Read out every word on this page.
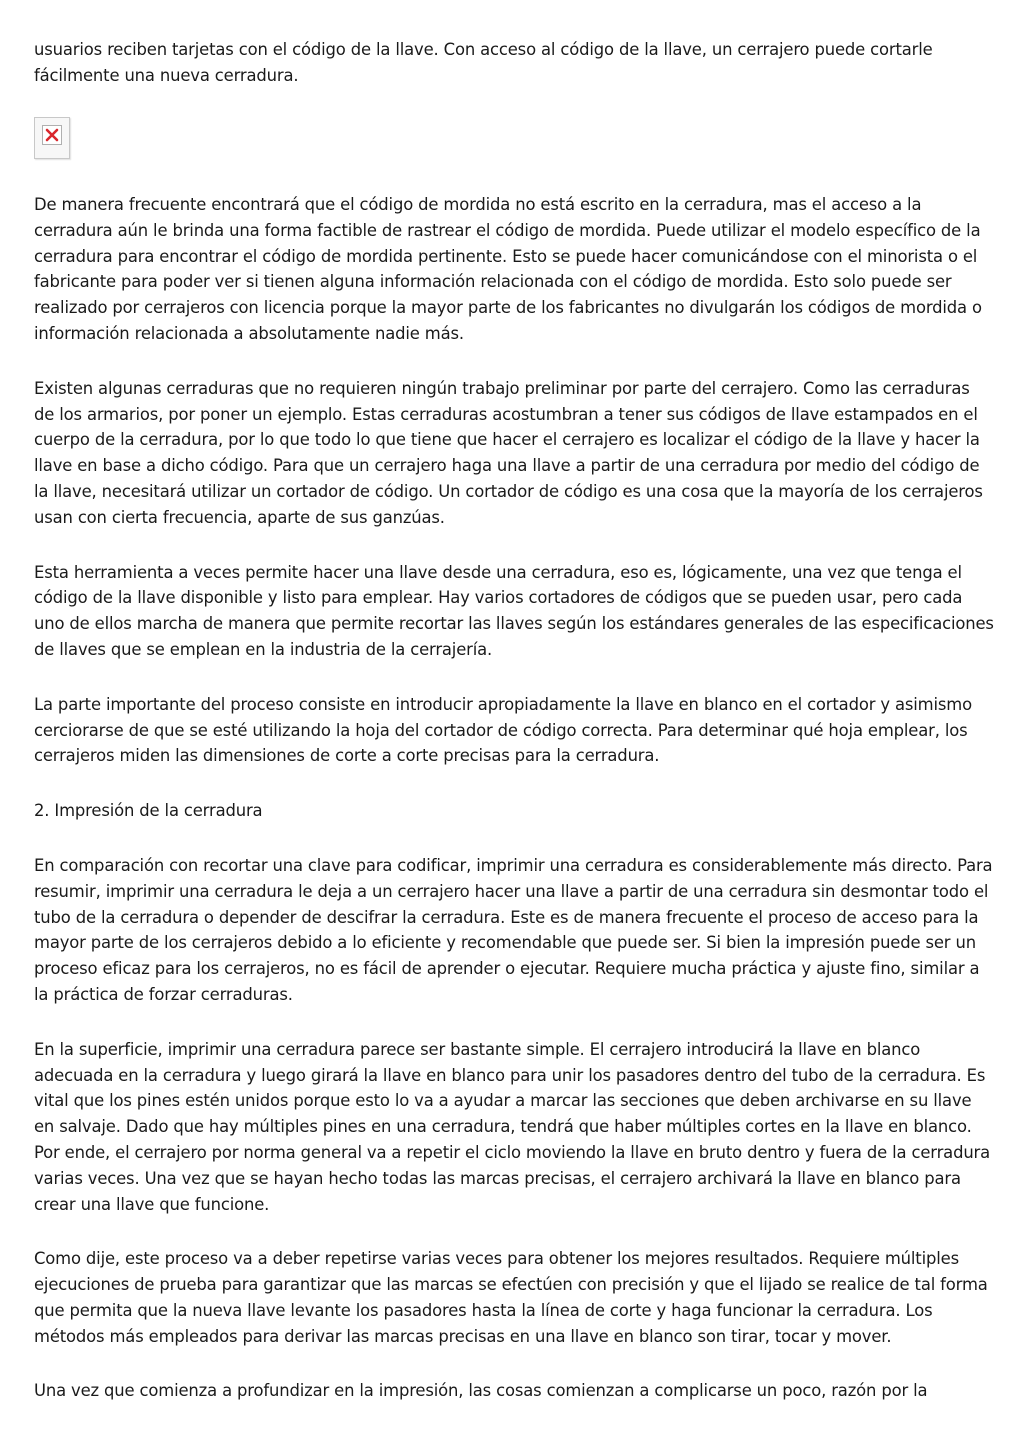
usuarios reciben tarjetas con el código de la llave. Con acceso al código de la llave, un cerrajero puede cortarle fácilmente una nueva cerradura.

De manera frecuente encontrará que el código de mordida no está escrito en la cerradura, mas el acceso a la cerradura aún le brinda una forma factible de rastrear el código de mordida. Puede utilizar el modelo específico de la cerradura para encontrar el código de mordida pertinente. Esto se puede hacer comunicándose con el minorista o el fabricante para poder ver si tienen alguna información relacionada con el código de mordida. Esto solo puede ser realizado por cerrajeros con licencia porque la mayor parte de los fabricantes no divulgarán los códigos de mordida o información relacionada a absolutamente nadie más.

Existen algunas cerraduras que no requieren ningún trabajo preliminar por parte del cerrajero. Como las cerraduras de los armarios, por poner un ejemplo. Estas cerraduras acostumbran a tener sus códigos de llave estampados en el cuerpo de la cerradura, por lo que todo lo que tiene que hacer el cerrajero es localizar el código de la llave y hacer la llave en base a dicho código. Para que un cerrajero haga una llave a partir de una cerradura por medio del código de la llave, necesitará utilizar un cortador de código. Un cortador de código es una cosa que la mayoría de los cerrajeros usan con cierta frecuencia, aparte de sus ganzúas.

Esta herramienta a veces permite hacer una llave desde una cerradura, eso es, lógicamente, una vez que tenga el código de la llave disponible y listo para emplear. Hay varios cortadores de códigos que se pueden usar, pero cada uno de ellos marcha de manera que permite recortar las llaves según los estándares generales de las especificaciones de llaves que se emplean en la industria de la cerrajería.

La parte importante del proceso consiste en introducir apropiadamente la llave en blanco en el cortador y asimismo cerciorarse de que se esté utilizando la hoja del cortador de código correcta. Para determinar qué hoja emplear, los cerrajeros miden las dimensiones de corte a corte precisas para la cerradura.

2. Impresión de la cerradura

En comparación con recortar una clave para codificar, imprimir una cerradura es considerablemente más directo. Para resumir, imprimir una cerradura le deja a un cerrajero hacer una llave a partir de una cerradura sin desmontar todo el tubo de la cerradura o depender de descifrar la cerradura. Este es de manera frecuente el proceso de acceso para la mayor parte de los cerrajeros debido a lo eficiente y recomendable que puede ser. Si bien la impresión puede ser un proceso eficaz para los cerrajeros, no es fácil de aprender o ejecutar. Requiere mucha práctica y ajuste fino, similar a la práctica de forzar cerraduras.

En la superficie, imprimir una cerradura parece ser bastante simple. El cerrajero introducirá la llave en blanco adecuada en la cerradura y luego girará la llave en blanco para unir los pasadores dentro del tubo de la cerradura. Es vital que los pines estén unidos porque esto lo va a ayudar a marcar las secciones que deben archivarse en su llave en salvaje. Dado que hay múltiples pines en una cerradura, tendrá que haber múltiples cortes en la llave en blanco. Por ende, el cerrajero por norma general va a repetir el ciclo moviendo la llave en bruto dentro y fuera de la cerradura varias veces. Una vez que se hayan hecho todas las marcas precisas, el cerrajero archivará la llave en blanco para crear una llave que funcione.

Como dije, este proceso va a deber repetirse varias veces para obtener los mejores resultados. Requiere múltiples ejecuciones de prueba para garantizar que las marcas se efectúen con precisión y que el lijado se realice de tal forma que permita que la nueva llave levante los pasadores hasta la línea de corte y haga funcionar la cerradura. Los métodos más empleados para derivar las marcas precisas en una llave en blanco son tirar, tocar y mover.

Una vez que comienza a profundizar en la impresión, las cosas comienzan a complicarse un poco, razón por la
